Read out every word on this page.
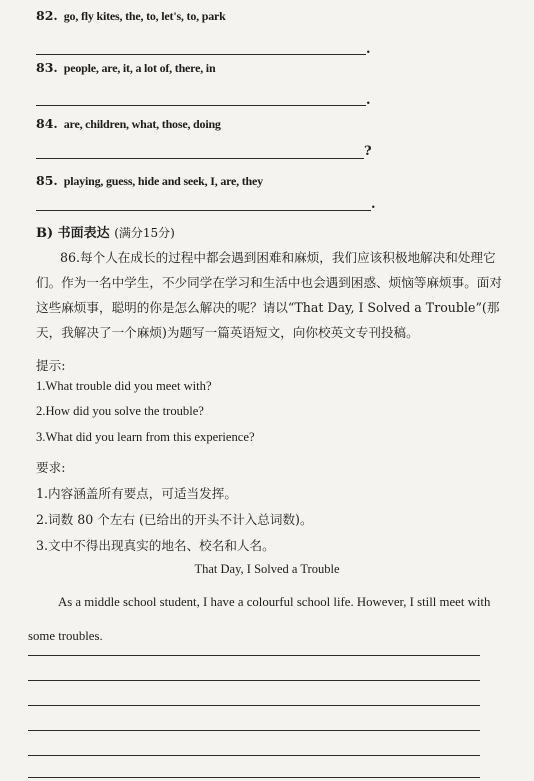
82. go, fly kites, the, to, let's, to, park
.
83. people, are, it, a lot of, there, in
.
84. are, children, what, those, doing
?
85. playing, guess, hide and seek, I, are, they
.
B) 书面表达 (满分15分)
86.每个人在成长的过程中都会遇到困难和麻烦，我们应该积极地解决和处理它们。作为一名中学生，不少同学在学习和生活中也会遇到困惑、烦恼等麻烦事。面对这些麻烦事，聪明的你是怎么解决的呢？请以“That Day, I Solved a Trouble”(那天，我解决了一个麻烦)为题写一篇英语短文，向你校英文专刊投稿。
提示:
1.What trouble did you meet with?
2.How did you solve the trouble?
3.What did you learn from this experience?
要求:
1.内容涵盖所有要点，可适当发挥。
2.词数 80 个左右 (已给出的开头不计入总词数)。
3.文中不得出现真实的地名、校名和人名。
That Day, I Solved a Trouble
As a middle school student, I have a colourful school life. However, I still meet with some troubles.
